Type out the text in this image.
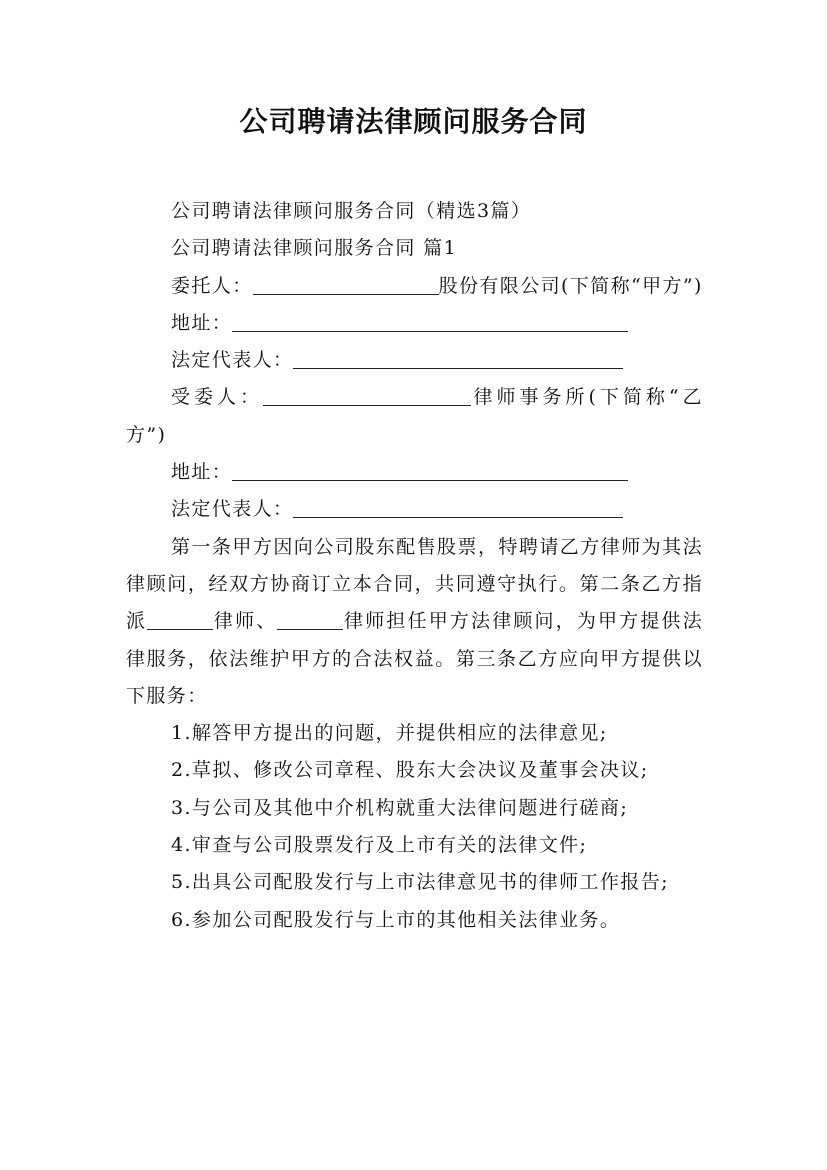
公司聘请法律顾问服务合同

公司聘请法律顾问服务合同（精选3篇）

公司聘请法律顾问服务合同 篇1

委托人：	股份有限公司(下简称“甲方”)

地址：

法定代表人：

受委人：	律师事务所(下简称“乙方”)

地址：

法定代表人：

第一条甲方因向公司股东配售股票，特聘请乙方律师为其法律顾问，经双方协商订立本合同，共同遵守执行。第二条乙方指派	律师、	律师担任甲方法律顾问，为甲方提供法律服务，依法维护甲方的合法权益。第三条乙方应向甲方提供以下服务：

1.解答甲方提出的问题，并提供相应的法律意见;

2.草拟、修改公司章程、股东大会决议及董事会决议;

3.与公司及其他中介机构就重大法律问题进行磋商;

4.审查与公司股票发行及上市有关的法律文件;

5.出具公司配股发行与上市法律意见书的律师工作报告;

6.参加公司配股发行与上市的其他相关法律业务。
